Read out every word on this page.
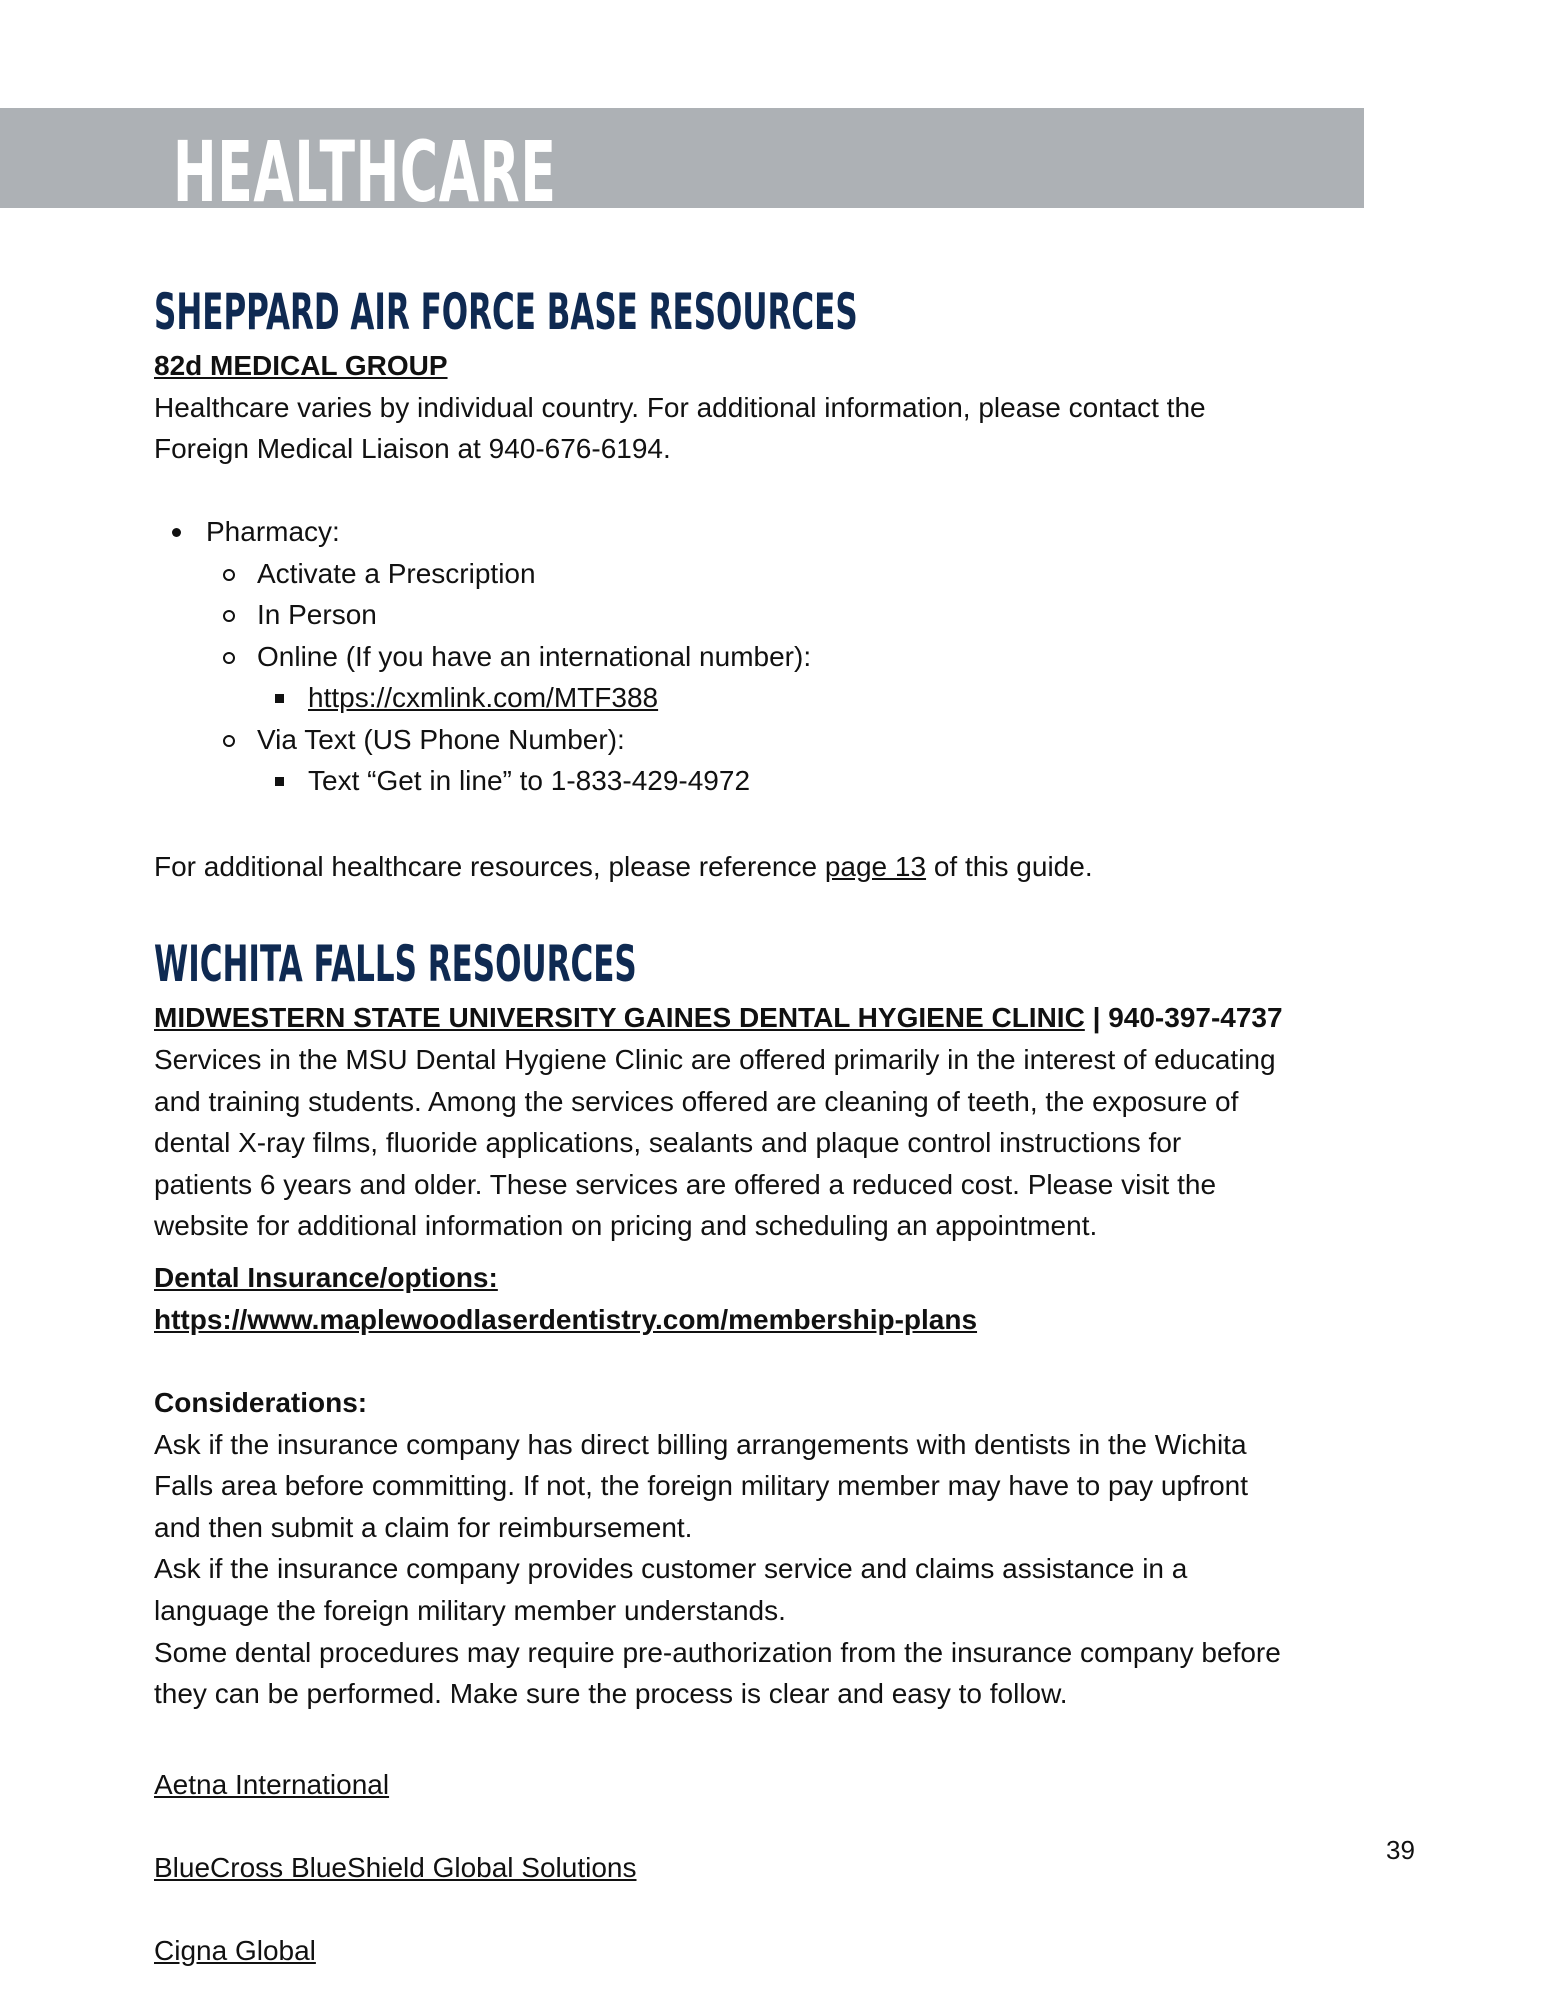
HEALTHCARE
SHEPPARD AIR FORCE BASE RESOURCES

82d MEDICAL GROUP

Healthcare varies by individual country. For additional information, please contact the

Foreign Medical Liaison at 940-676-6194.

Pharmacy:
Activate a Prescription
In Person
Online (If you have an international number):
https://cxmlink.com/MTF388
Via Text (US Phone Number):
Text “Get in line” to 1-833-429-4972

For additional healthcare resources, please reference page 13 of this guide.

WICHITA FALLS RESOURCES

MIDWESTERN STATE UNIVERSITY GAINES DENTAL HYGIENE CLINIC | 940-397-4737

Services in the MSU Dental Hygiene Clinic are offered primarily in the interest of educating

and training students. Among the services offered are cleaning of teeth, the exposure of

dental X-ray films, fluoride applications, sealants and plaque control instructions for

patients 6 years and older. These services are offered a reduced cost. Please visit the

website for additional information on pricing and scheduling an appointment.

Dental Insurance/options:

https://www.maplewoodlaserdentistry.com/membership-plans

Considerations:

Ask if the insurance company has direct billing arrangements with dentists in the Wichita

Falls area before committing. If not, the foreign military member may have to pay upfront

and then submit a claim for reimbursement.

Ask if the insurance company provides customer service and claims assistance in a

language the foreign military member understands.

Some dental procedures may require pre-authorization from the insurance company before

they can be performed. Make sure the process is clear and easy to follow.

Aetna International

BlueCross BlueShield Global Solutions

Cigna Global

39
